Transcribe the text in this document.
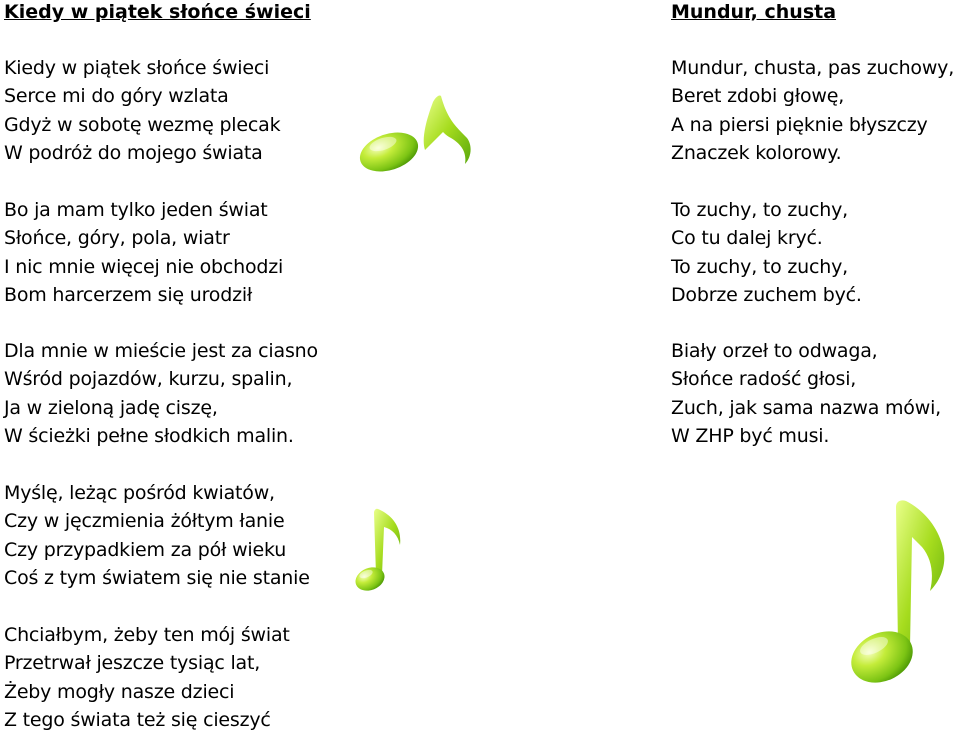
Kiedy w piątek słońce świeci
Kiedy w piątek słońce świeci
Serce mi do góry wzlata
Gdyż w sobotę wezmę plecak
W podróż do mojego świata
Bo ja mam tylko jeden świat
Słońce, góry, pola, wiatr
I nic mnie więcej nie obchodzi
Bom harcerzem się urodził
Dla mnie w mieście jest za ciasno
Wśród pojazdów, kurzu, spalin,
Ja w zieloną jadę ciszę,
W ścieżki pełne słodkich malin.
Myślę, leżąc pośród kwiatów,
Czy w jęczmienia żółtym łanie
Czy przypadkiem za pół wieku
Coś z tym światem się nie stanie
Chciałbym, żeby ten mój świat
Przetrwał jeszcze tysiąc lat,
Żeby mogły nasze dzieci
Z tego świata też się cieszyć
Mundur, chusta
Mundur, chusta, pas zuchowy,
Beret zdobi głowę,
A na piersi pięknie błyszczy
Znaczek kolorowy.
To zuchy, to zuchy,
Co tu dalej kryć.
To zuchy, to zuchy,
Dobrze zuchem być.
Biały orzeł to odwaga,
Słońce radość głosi,
Zuch, jak sama nazwa mówi,
W ZHP być musi.
